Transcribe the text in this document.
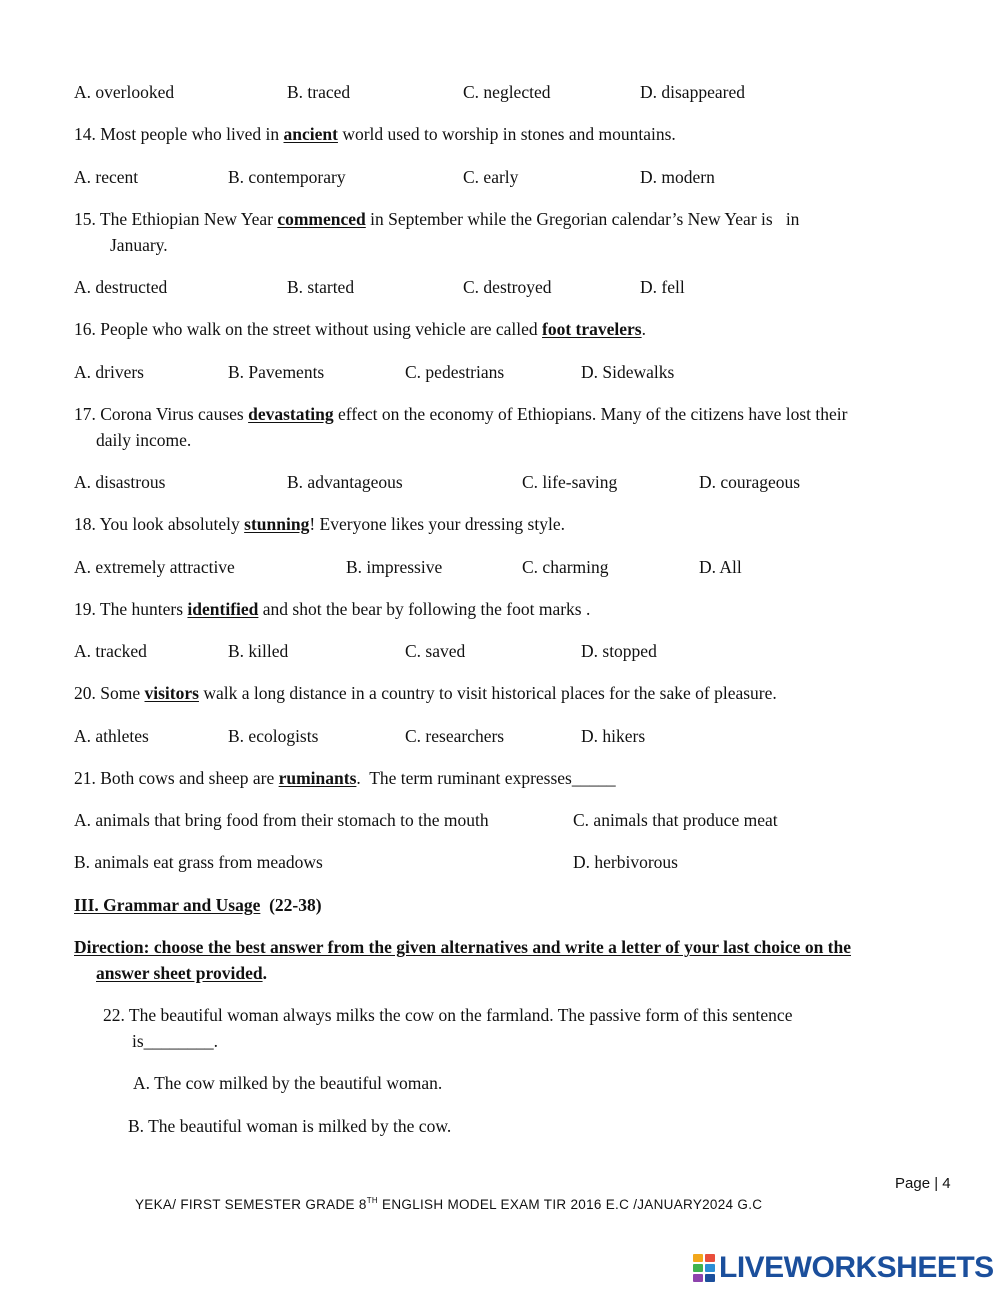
A. overlooked	B. traced	C. neglected	D. disappeared
14. Most people who lived in ancient world used to worship in stones and mountains.
A. recent	B. contemporary	C. early	D. modern
15. The Ethiopian New Year commenced in September while the Gregorian calendar’s New Year is   in
January.
A. destructed	B. started	C. destroyed	D. fell
16. People who walk on the street without using vehicle are called foot travelers.
A. drivers	B. Pavements	C. pedestrians	D. Sidewalks
17. Corona Virus causes devastating effect on the economy of Ethiopians. Many of the citizens have lost their
daily income.
A. disastrous	B. advantageous	C. life-saving	D. courageous
18. You look absolutely stunning! Everyone likes your dressing style.
A. extremely attractive	B. impressive	C. charming	D. All
19. The hunters identified and shot the bear by following the foot marks .
A. tracked	B. killed	C. saved	D. stopped
20. Some visitors walk a long distance in a country to visit historical places for the sake of pleasure.
A. athletes	B. ecologists	C. researchers	D. hikers
21. Both cows and sheep are ruminants.  The term ruminant expresses_____
A. animals that bring food from their stomach to the mouth	C. animals that produce meat
B. animals eat grass from meadows	D. herbivorous
III. Grammar and Usage  (22-38)
Direction: choose the best answer from the given alternatives and write a letter of your last choice on the
answer sheet provided.
22. The beautiful woman always milks the cow on the farmland. The passive form of this sentence
is________.
A. The cow milked by the beautiful woman.
B. The beautiful woman is milked by the cow.
Page | 4
YEKA/ FIRST SEMESTER GRADE 8TH ENGLISH MODEL EXAM TIR 2016 E.C /JANUARY2024 G.C
LIVEWORKSHEETS
